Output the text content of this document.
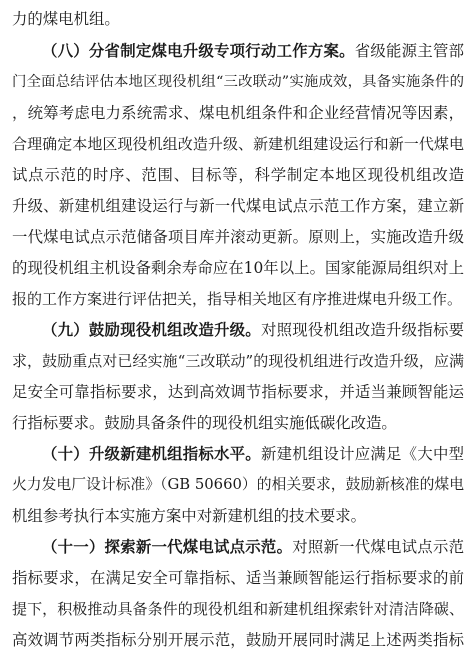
力的煤电机组。
（八）分省制定煤电升级专项行动工作方案。省级能源主管部
门全面总结评估本地区现役机组“三改联动”实施成效，具备实施条件的
，统筹考虑电力系统需求、煤电机组条件和企业经营情况等因素，
合理确定本地区现役机组改造升级、新建机组建设运行和新一代煤电
试点示范的时序、范围、目标等，科学制定本地区现役机组改造
升级、新建机组建设运行与新一代煤电试点示范工作方案，建立新
一代煤电试点示范储备项目库并滚动更新。原则上，实施改造升级
的现役机组主机设备剩余寿命应在10年以上。国家能源局组织对上
报的工作方案进行评估把关，指导相关地区有序推进煤电升级工作。
（九）鼓励现役机组改造升级。对照现役机组改造升级指标要
求，鼓励重点对已经实施“三改联动”的现役机组进行改造升级，应满
足安全可靠指标要求，达到高效调节指标要求，并适当兼顾智能运
行指标要求。鼓励具备条件的现役机组实施低碳化改造。
（十）升级新建机组指标水平。新建机组设计应满足《大中型
火力发电厂设计标准》（GB 50660）的相关要求，鼓励新核准的煤电
机组参考执行本实施方案中对新建机组的技术要求。
（十一）探索新一代煤电试点示范。对照新一代煤电试点示范
指标要求，在满足安全可靠指标、适当兼顾智能运行指标要求的前
提下，积极推动具备条件的现役机组和新建机组探索针对清洁降碳、
高效调节两类指标分别开展示范，鼓励开展同时满足上述两类指标
